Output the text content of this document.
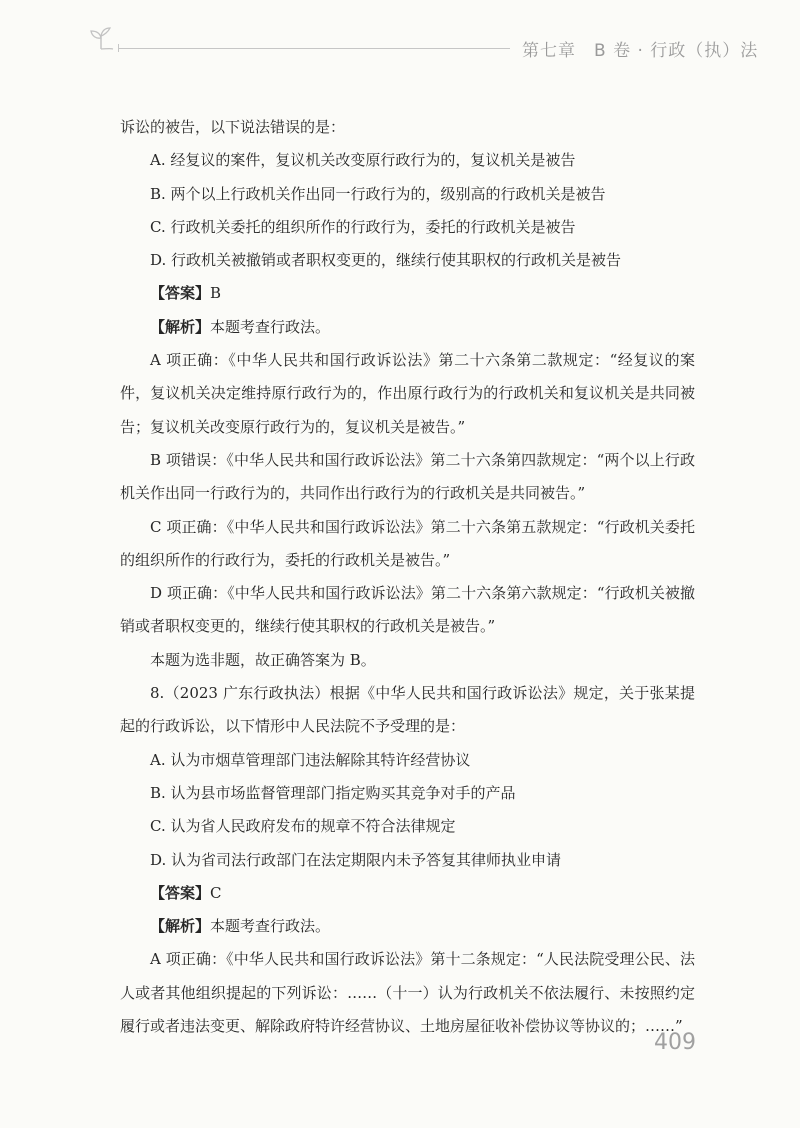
第七章　B 卷 · 行政（执）法

诉讼的被告，以下说法错误的是：

A. 经复议的案件，复议机关改变原行政行为的，复议机关是被告

B. 两个以上行政机关作出同一行政行为的，级别高的行政机关是被告

C. 行政机关委托的组织所作的行政行为，委托的行政机关是被告

D. 行政机关被撤销或者职权变更的，继续行使其职权的行政机关是被告

【答案】B

【解析】本题考查行政法。

A 项正确：《中华人民共和国行政诉讼法》第二十六条第二款规定：“经复议的案件，复议机关决定维持原行政行为的，作出原行政行为的行政机关和复议机关是共同被告；复议机关改变原行政行为的，复议机关是被告。”

B 项错误：《中华人民共和国行政诉讼法》第二十六条第四款规定：“两个以上行政机关作出同一行政行为的，共同作出行政行为的行政机关是共同被告。”

C 项正确：《中华人民共和国行政诉讼法》第二十六条第五款规定：“行政机关委托的组织所作的行政行为，委托的行政机关是被告。”

D 项正确：《中华人民共和国行政诉讼法》第二十六条第六款规定：“行政机关被撤销或者职权变更的，继续行使其职权的行政机关是被告。”

本题为选非题，故正确答案为 B。

8.（2023 广东行政执法）根据《中华人民共和国行政诉讼法》规定，关于张某提起的行政诉讼，以下情形中人民法院不予受理的是：

A. 认为市烟草管理部门违法解除其特许经营协议

B. 认为县市场监督管理部门指定购买其竞争对手的产品

C. 认为省人民政府发布的规章不符合法律规定

D. 认为省司法行政部门在法定期限内未予答复其律师执业申请

【答案】C

【解析】本题考查行政法。

A 项正确：《中华人民共和国行政诉讼法》第十二条规定：“人民法院受理公民、法人或者其他组织提起的下列诉讼：……（十一）认为行政机关不依法履行、未按照约定履行或者违法变更、解除政府特许经营协议、土地房屋征收补偿协议等协议的；……”

409
